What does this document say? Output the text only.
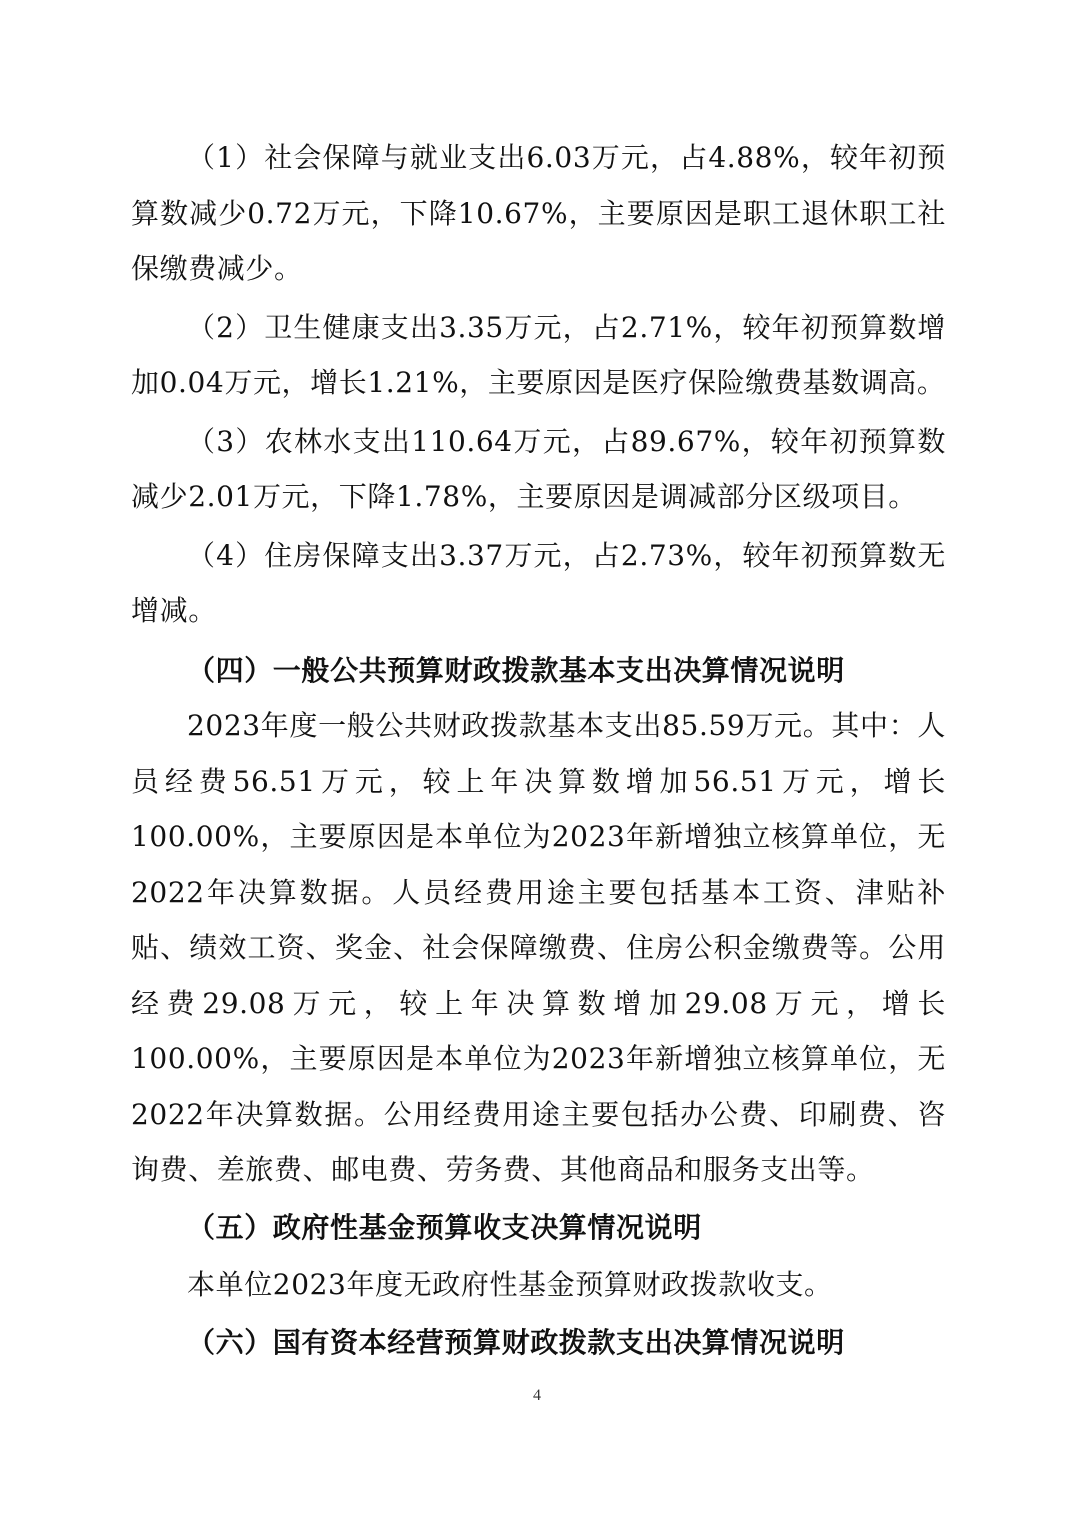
（1）社会保障与就业支出6.03万元，占4.88%，较年初预算数减少0.72万元，下降10.67%，主要原因是职工退休职工社保缴费减少。

（2）卫生健康支出3.35万元，占2.71%，较年初预算数增加0.04万元，增长1.21%，主要原因是医疗保险缴费基数调高。

（3）农林水支出110.64万元，占89.67%，较年初预算数减少2.01万元，下降1.78%，主要原因是调减部分区级项目。

（4）住房保障支出3.37万元，占2.73%，较年初预算数无增减。

（四）一般公共预算财政拨款基本支出决算情况说明

2023年度一般公共财政拨款基本支出85.59万元。其中：人员经费56.51万元，较上年决算数增加56.51万元，增长100.00%，主要原因是本单位为2023年新增独立核算单位，无2022年决算数据。人员经费用途主要包括基本工资、津贴补贴、绩效工资、奖金、社会保障缴费、住房公积金缴费等。公用经费29.08万元，较上年决算数增加29.08万元，增长100.00%，主要原因是本单位为2023年新增独立核算单位，无2022年决算数据。公用经费用途主要包括办公费、印刷费、咨询费、差旅费、邮电费、劳务费、其他商品和服务支出等。

（五）政府性基金预算收支决算情况说明

本单位2023年度无政府性基金预算财政拨款收支。

（六）国有资本经营预算财政拨款支出决算情况说明

4
